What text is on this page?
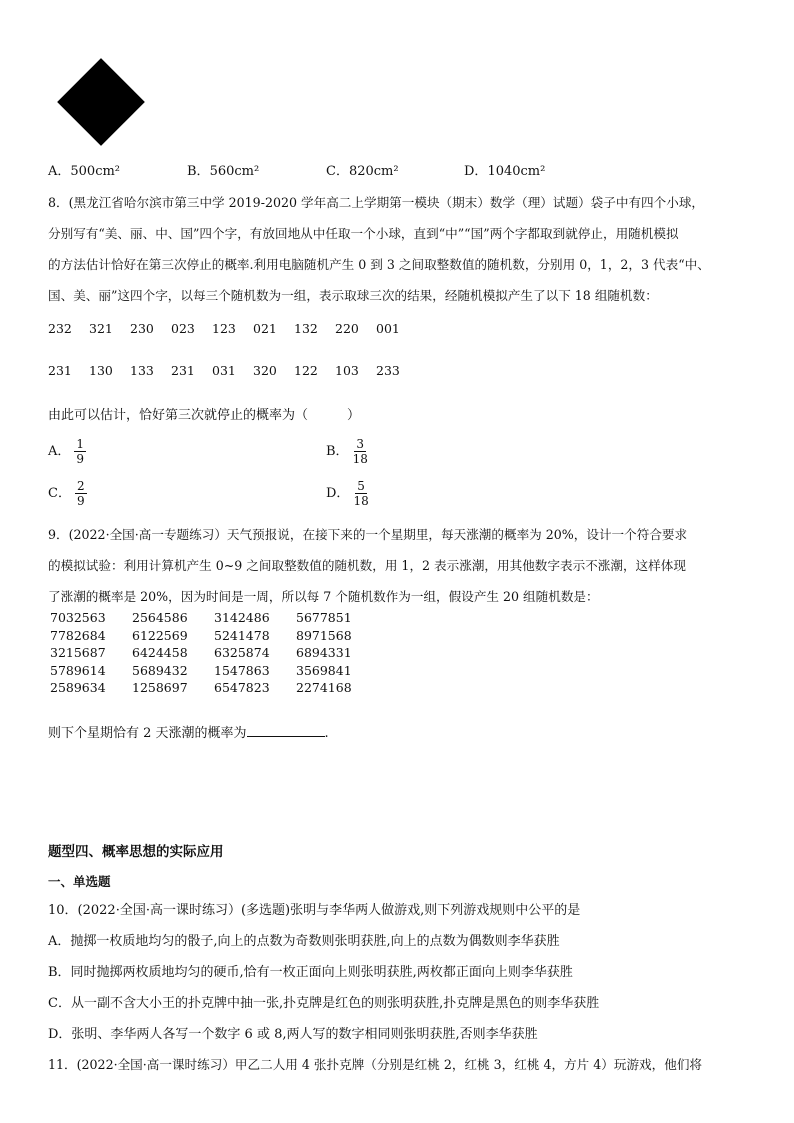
A．500cm²	B．560cm²	C．820cm²	D．1040cm²
8．(黑龙江省哈尔滨市第三中学 2019-2020 学年高二上学期第一模块（期末）数学（理）试题）袋子中有四个小球，
分别写有“美、丽、中、国”四个字，有放回地从中任取一个小球，直到“中”“国”两个字都取到就停止，用随机模拟
的方法估计恰好在第三次停止的概率.利用电脑随机产生 0 到 3 之间取整数值的随机数，分别用 0，1，2，3 代表“中、
国、美、丽”这四个字，以每三个随机数为一组，表示取球三次的结果，经随机模拟产生了以下 18 组随机数：
232 321 230 023 123 021 132 220 001
231 130 133 231 031 320 122 103 233
由此可以估计，恰好第三次就停止的概率为（　　　）
A． $\frac{1}{9}$	B． $\frac{3}{18}$
C． $\frac{2}{9}$	D． $\frac{5}{18}$
9．(2022·全国·高一专题练习）天气预报说，在接下来的一个星期里，每天涨潮的概率为 20%，设计一个符合要求
的模拟试验：利用计算机产生 0~9 之间取整数值的随机数，用 1，2 表示涨潮，用其他数字表示不涨潮，这样体现
了涨潮的概率是 20%，因为时间是一周，所以每 7 个随机数作为一组，假设产生 20 组随机数是：
7032563 2564586 3142486 5677851
7782684 6122569 5241478 8971568
3215687 6424458 6325874 6894331
5789614 5689432 1547863 3569841
2589634 1258697 6547823 2274168
则下个星期恰有 2 天涨潮的概率为	.
题型四、概率思想的实际应用
一、单选题
10．(2022·全国·高一课时练习）(多选题)张明与李华两人做游戏,则下列游戏规则中公平的是
A．抛掷一枚质地均匀的骰子,向上的点数为奇数则张明获胜,向上的点数为偶数则李华获胜
B．同时抛掷两枚质地均匀的硬币,恰有一枚正面向上则张明获胜,两枚都正面向上则李华获胜
C．从一副不含大小王的扑克牌中抽一张,扑克牌是红色的则张明获胜,扑克牌是黑色的则李华获胜
D．张明、李华两人各写一个数字 6 或 8,两人写的数字相同则张明获胜,否则李华获胜
11．(2022·全国·高一课时练习）甲乙二人用 4 张扑克牌（分别是红桃 2，红桃 3，红桃 4，方片 4）玩游戏，他们将
